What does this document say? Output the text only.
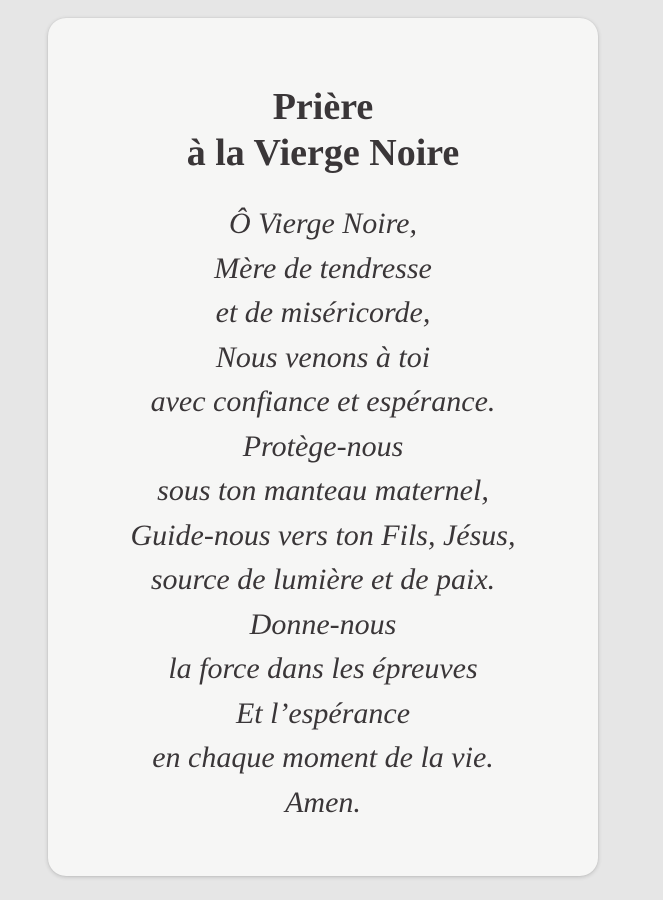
Prière
à la Vierge Noire
Ô Vierge Noire,
Mère de tendresse
et de miséricorde,
Nous venons à toi
avec confiance et espérance.
Protège-nous
sous ton manteau maternel,
Guide-nous vers ton Fils, Jésus,
source de lumière et de paix.
Donne-nous
la force dans les épreuves
Et l’espérance
en chaque moment de la vie.
Amen.
